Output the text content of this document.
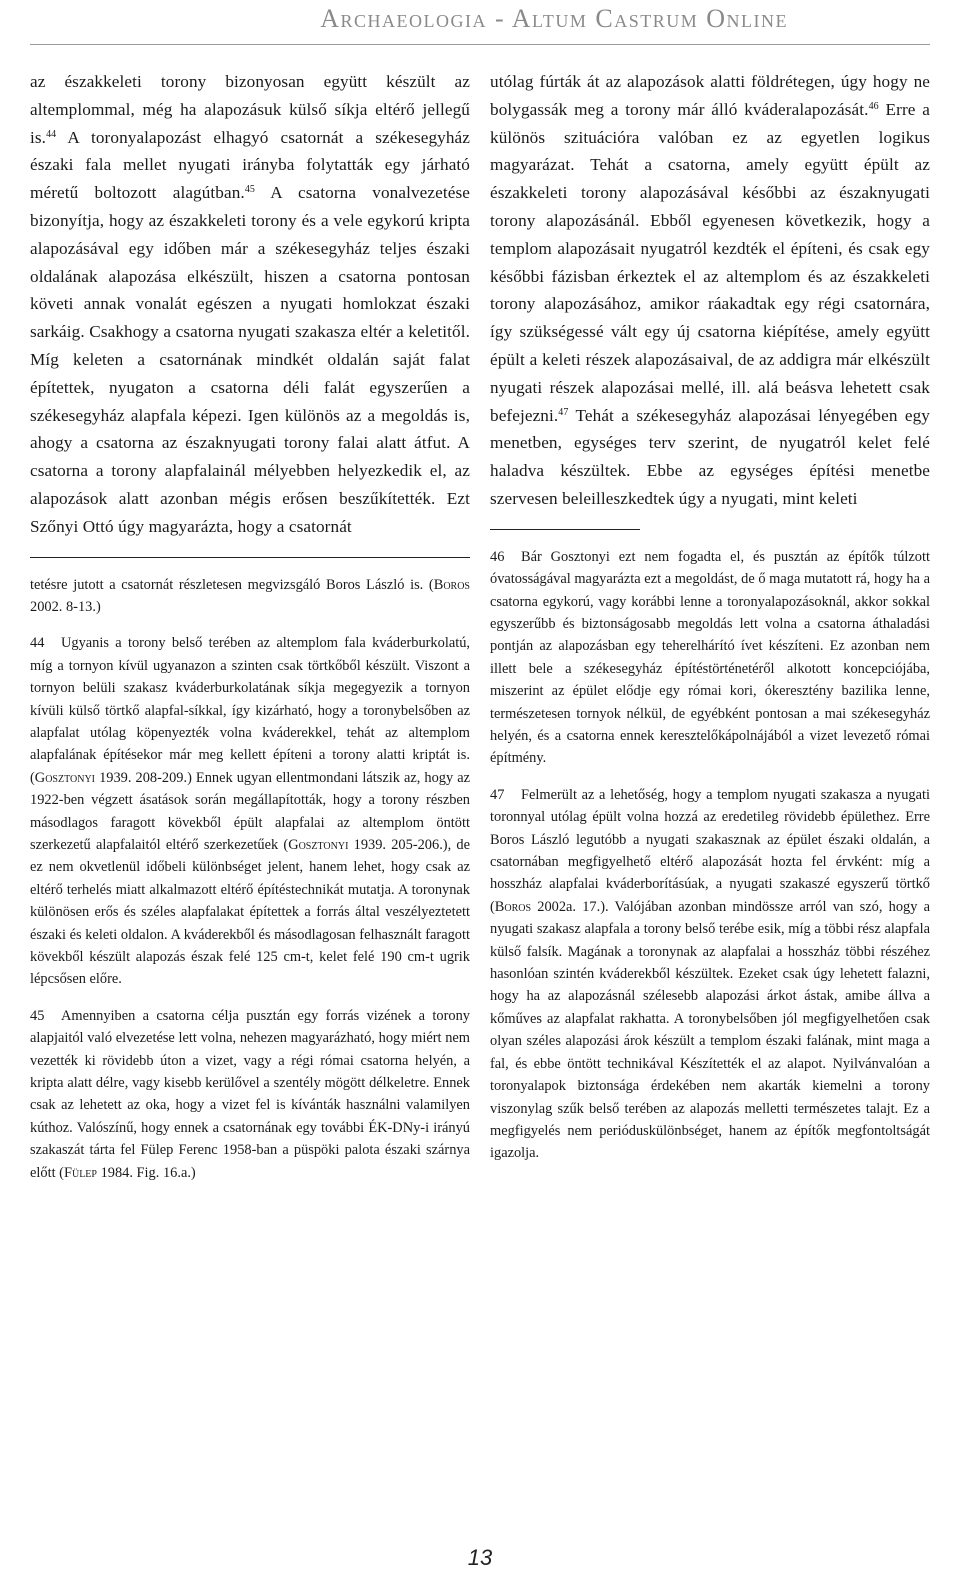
Archaeologia - Altum Castrum Online

az északkeleti torony bizonyosan együtt készült az altemplommal, még ha alapozásuk külső síkja eltérő jellegű is.$^{44}$ A toronyalapozást elhagyó csatornát a székesegyház északi fala mellet nyugati irányba folytatták egy járható méretű boltozott alagútban.$^{45}$ A csatorna vonalvezetése bizonyítja, hogy az északkeleti torony és a vele egykorú kripta alapozásával egy időben már a székesegyház teljes északi oldalának alapozása elkészült, hiszen a csatorna pontosan követi annak vonalát egészen a nyugati homlokzat északi sarkáig. Csakhogy a csatorna nyugati szakasza eltér a keletitől. Míg keleten a csatornának mindkét oldalán saját falat építettek, nyugaton a csatorna déli falát egyszerűen a székesegyház alapfala képezi. Igen különös az a megoldás is, ahogy a csatorna az északnyugati torony falai alatt átfut. A csatorna a torony alapfalainál mélyebben helyezkedik el, az alapozások alatt azonban mégis erősen beszűkítették. Ezt Szőnyi Ottó úgy magyarázta, hogy a csatornát

tetésre jutott a csatornát részletesen megvizsgáló Boros László is. (Boros 2002. 8-13.)

44 Ugyanis a torony belső terében az altemplom fala kváderburkolatú, míg a tornyon kívül ugyanazon a szinten csak törtkőből készült. Viszont a tornyon belüli szakasz kváderburkolatának síkja megegyezik a tornyon kívüli külső törtkő alapfal-síkkal, így kizárható, hogy a toronybelsőben az alapfalat utólag köpenyezték volna kváderekkel, tehát az altemplom alapfalának építésekor már meg kellett építeni a torony alatti kriptát is. (Gosztonyi 1939. 208-209.) Ennek ugyan ellentmondani látszik az, hogy az 1922-ben végzett ásatások során megállapították, hogy a torony részben másodlagos faragott kövekből épült alapfalai az altemplom öntött szerkezetű alapfalaitól eltérő szerkezetűek (Gosztonyi 1939. 205-206.), de ez nem okvetlenül időbeli különbséget jelent, hanem lehet, hogy csak az eltérő terhelés miatt alkalmazott eltérő építéstechnikát mutatja. A toronynak különösen erős és széles alapfalakat építettek a forrás által veszélyeztetett északi és keleti oldalon. A kváderekből és másodlagosan felhasznált faragott kövekből készült alapozás észak felé 125 cm-t, kelet felé 190 cm-t ugrik lépcsősen előre.

45 Amennyiben a csatorna célja pusztán egy forrás vizének a torony alapjaitól való elvezetése lett volna, nehezen magyarázható, hogy miért nem vezették ki rövidebb úton a vizet, vagy a régi római csatorna helyén, a kripta alatt délre, vagy kisebb kerülővel a szentély mögött délkeletre. Ennek csak az lehetett az oka, hogy a vizet fel is kívánták használni valamilyen kúthoz. Valószínű, hogy ennek a csatornának egy további ÉK-DNy-i irányú szakaszát tárta fel Fülep Ferenc 1958-ban a püspöki palota északi szárnya előtt (Fülep 1984. Fig. 16.a.)

utólag fúrták át az alapozások alatti földrétegen, úgy hogy ne bolygassák meg a torony már álló kváderalapozását.$^{46}$ Erre a különös szituációra valóban ez az egyetlen logikus magyarázat. Tehát a csatorna, amely együtt épült az északkeleti torony alapozásával későbbi az északnyugati torony alapozásánál. Ebből egyenesen következik, hogy a templom alapozásait nyugatról kezdték el építeni, és csak egy későbbi fázisban érkeztek el az altemplom és az északkeleti torony alapozásához, amikor ráakadtak egy régi csatornára, így szükségessé vált egy új csatorna kiépítése, amely együtt épült a keleti részek alapozásaival, de az addigra már elkészült nyugati részek alapozásai mellé, ill. alá beásva lehetett csak befejezni.$^{47}$ Tehát a székesegyház alapozásai lényegében egy menetben, egységes terv szerint, de nyugatról kelet felé haladva készültek. Ebbe az egységes építési menetbe szervesen beleilleszkedtek úgy a nyugati, mint keleti

46 Bár Gosztonyi ezt nem fogadta el, és pusztán az építők túlzott óvatosságával magyarázta ezt a megoldást, de ő maga mutatott rá, hogy ha a csatorna egykorú, vagy korábbi lenne a toronyalapozásoknál, akkor sokkal egyszerűbb és biztonságosabb megoldás lett volna a csatorna áthaladási pontján az alapozásban egy teherelhárító ívet készíteni. Ez azonban nem illett bele a székesegyház építéstörténetéről alkotott koncepciójába, miszerint az épület elődje egy római kori, ókeresztény bazilika lenne, természetesen tornyok nélkül, de egyébként pontosan a mai székesegyház helyén, és a csatorna ennek keresztelőkápolnájából a vizet levezető római építmény.

47 Felmerült az a lehetőség, hogy a templom nyugati szakasza a nyugati toronnyal utólag épült volna hozzá az eredetileg rövidebb épülethez. Erre Boros László legutóbb a nyugati szakasznak az épület északi oldalán, a csatornában megfigyelhető eltérő alapozását hozta fel érvként: míg a hosszház alapfalai kváderborításúak, a nyugati szakaszé egyszerű törtkő (Boros 2002a. 17.). Valójában azonban mindössze arról van szó, hogy a nyugati szakasz alapfala a torony belső terébe esik, míg a többi rész alapfala külső falsík. Magának a toronynak az alapfalai a hosszház többi részéhez hasonlóan szintén kváderekből készültek. Ezeket csak úgy lehetett falazni, hogy ha az alapozásnál szélesebb alapozási árkot ástak, amibe állva a kőműves az alapfalat rakhatta. A toronybelsőben jól megfigyelhetően csak olyan széles alapozási árok készült a templom északi falának, mint maga a fal, és ebbe öntött technikával Készítették el az alapot. Nyilvánvalóan a toronyalapok biztonsága érdekében nem akarták kiemelni a torony viszonylag szűk belső terében az alapozás melletti természetes talajt. Ez a megfigyelés nem perióduskülönbséget, hanem az építők megfontoltságát igazolja.

13
